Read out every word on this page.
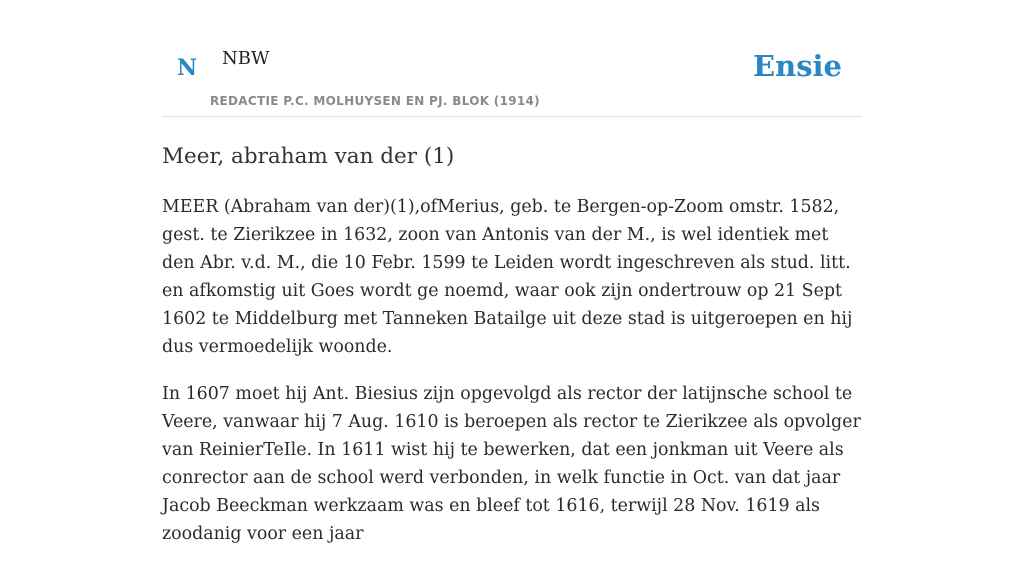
N NBW
REDACTIE P.C. MOLHUYSEN EN PJ. BLOK (1914)
Ensie
Meer, abraham van der (1)

MEER (Abraham van der)(1),ofMerius, geb. te Bergen-op-Zoom omstr. 1582, gest. te Zierikzee in 1632, zoon van Antonis van der M., is wel identiek met den Abr. v.d. M., die 10 Febr. 1599 te Leiden wordt ingeschreven als stud. litt. en afkomstig uit Goes wordt ge noemd, waar ook zijn ondertrouw op 21 Sept 1602 te Middelburg met Tanneken Batailge uit deze stad is uitgeroepen en hij dus vermoedelijk woonde.

In 1607 moet hij Ant. Biesius zijn opgevolgd als rector der latijnsche school te Veere, vanwaar hij 7 Aug. 1610 is beroepen als rector te Zierikzee als opvolger van ReinierTeIle. In 1611 wist hij te bewerken, dat een jonkman uit Veere als conrector aan de school werd verbonden, in welk functie in Oct. van dat jaar Jacob Beeckman werkzaam was en bleef tot 1616, terwijl 28 Nov. 1619 als zoodanig voor een jaar
